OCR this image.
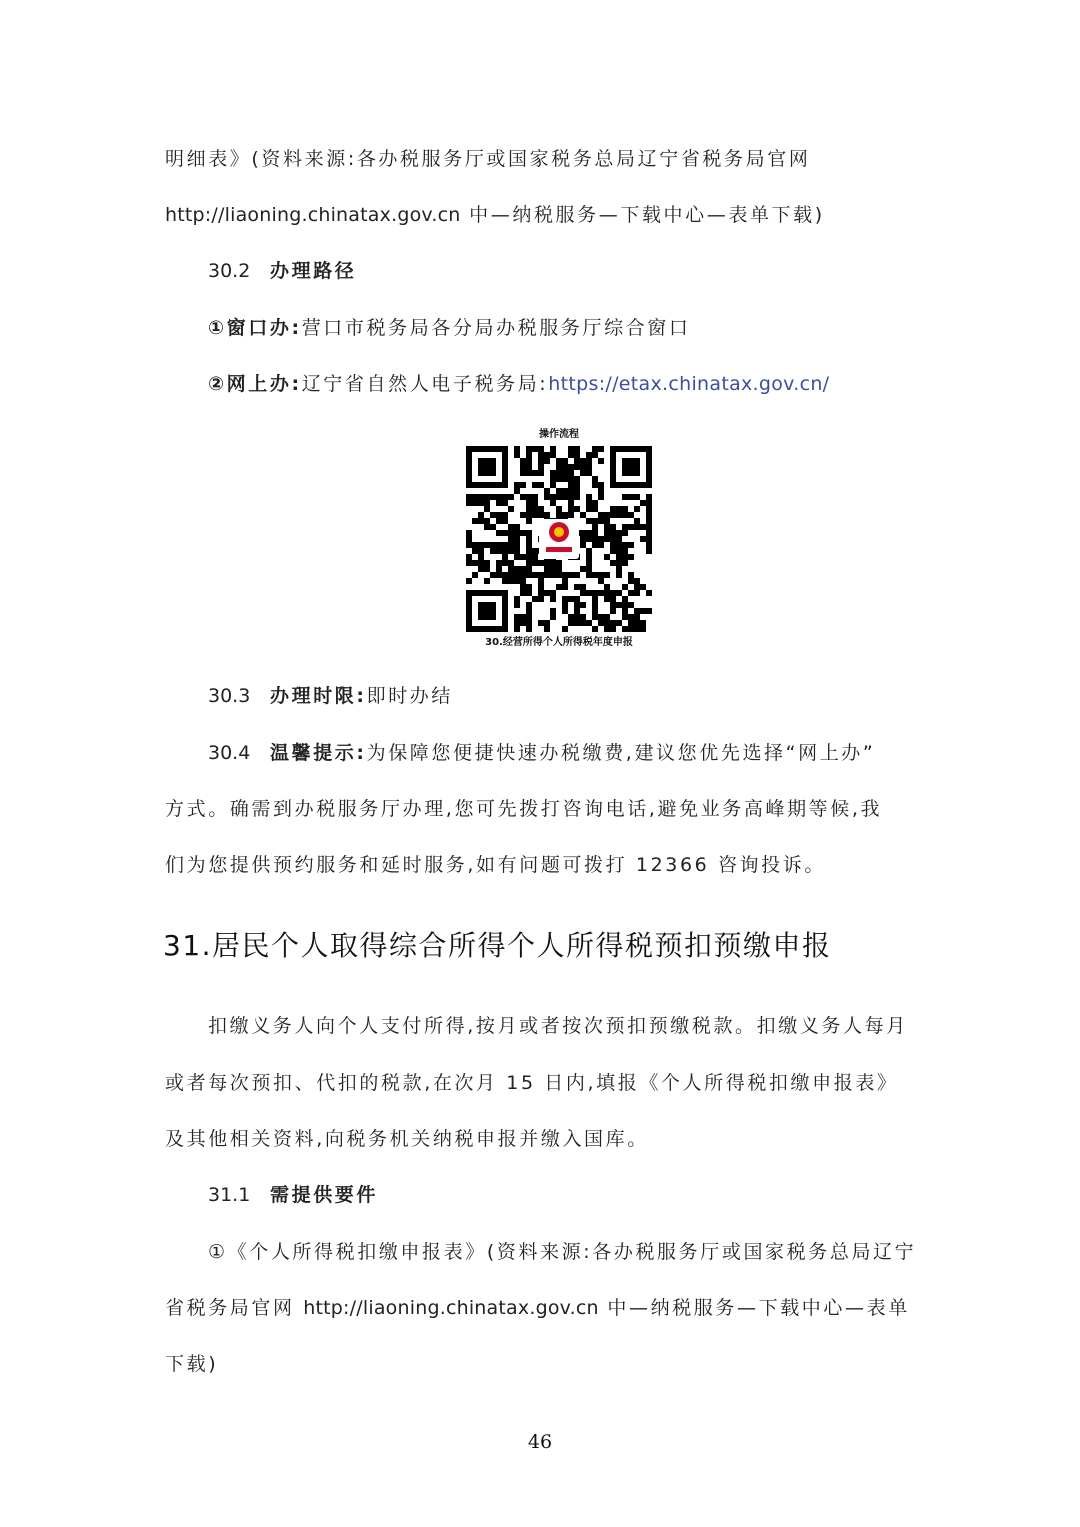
明细表》(资料来源:各办税服务厅或国家税务总局辽宁省税务局官网
http://liaoning.chinatax.gov.cn 中—纳税服务—下载中心—表单下载)
30.2 办理路径
①窗口办:营口市税务局各分局办税服务厅综合窗口
②网上办:辽宁省自然人电子税务局:https://etax.chinatax.gov.cn/
操作流程
30.经营所得个人所得税年度申报
30.3 办理时限:即时办结
30.4 温馨提示:为保障您便捷快速办税缴费,建议您优先选择“网上办”
方式。确需到办税服务厅办理,您可先拨打咨询电话,避免业务高峰期等候,我
们为您提供预约服务和延时服务,如有问题可拨打 12366 咨询投诉。
31.居民个人取得综合所得个人所得税预扣预缴申报
扣缴义务人向个人支付所得,按月或者按次预扣预缴税款。扣缴义务人每月
或者每次预扣、代扣的税款,在次月 15 日内,填报《个人所得税扣缴申报表》
及其他相关资料,向税务机关纳税申报并缴入国库。
31.1 需提供要件
①《个人所得税扣缴申报表》(资料来源:各办税服务厅或国家税务总局辽宁
省税务局官网 http://liaoning.chinatax.gov.cn 中—纳税服务—下载中心—表单
下载)
46
